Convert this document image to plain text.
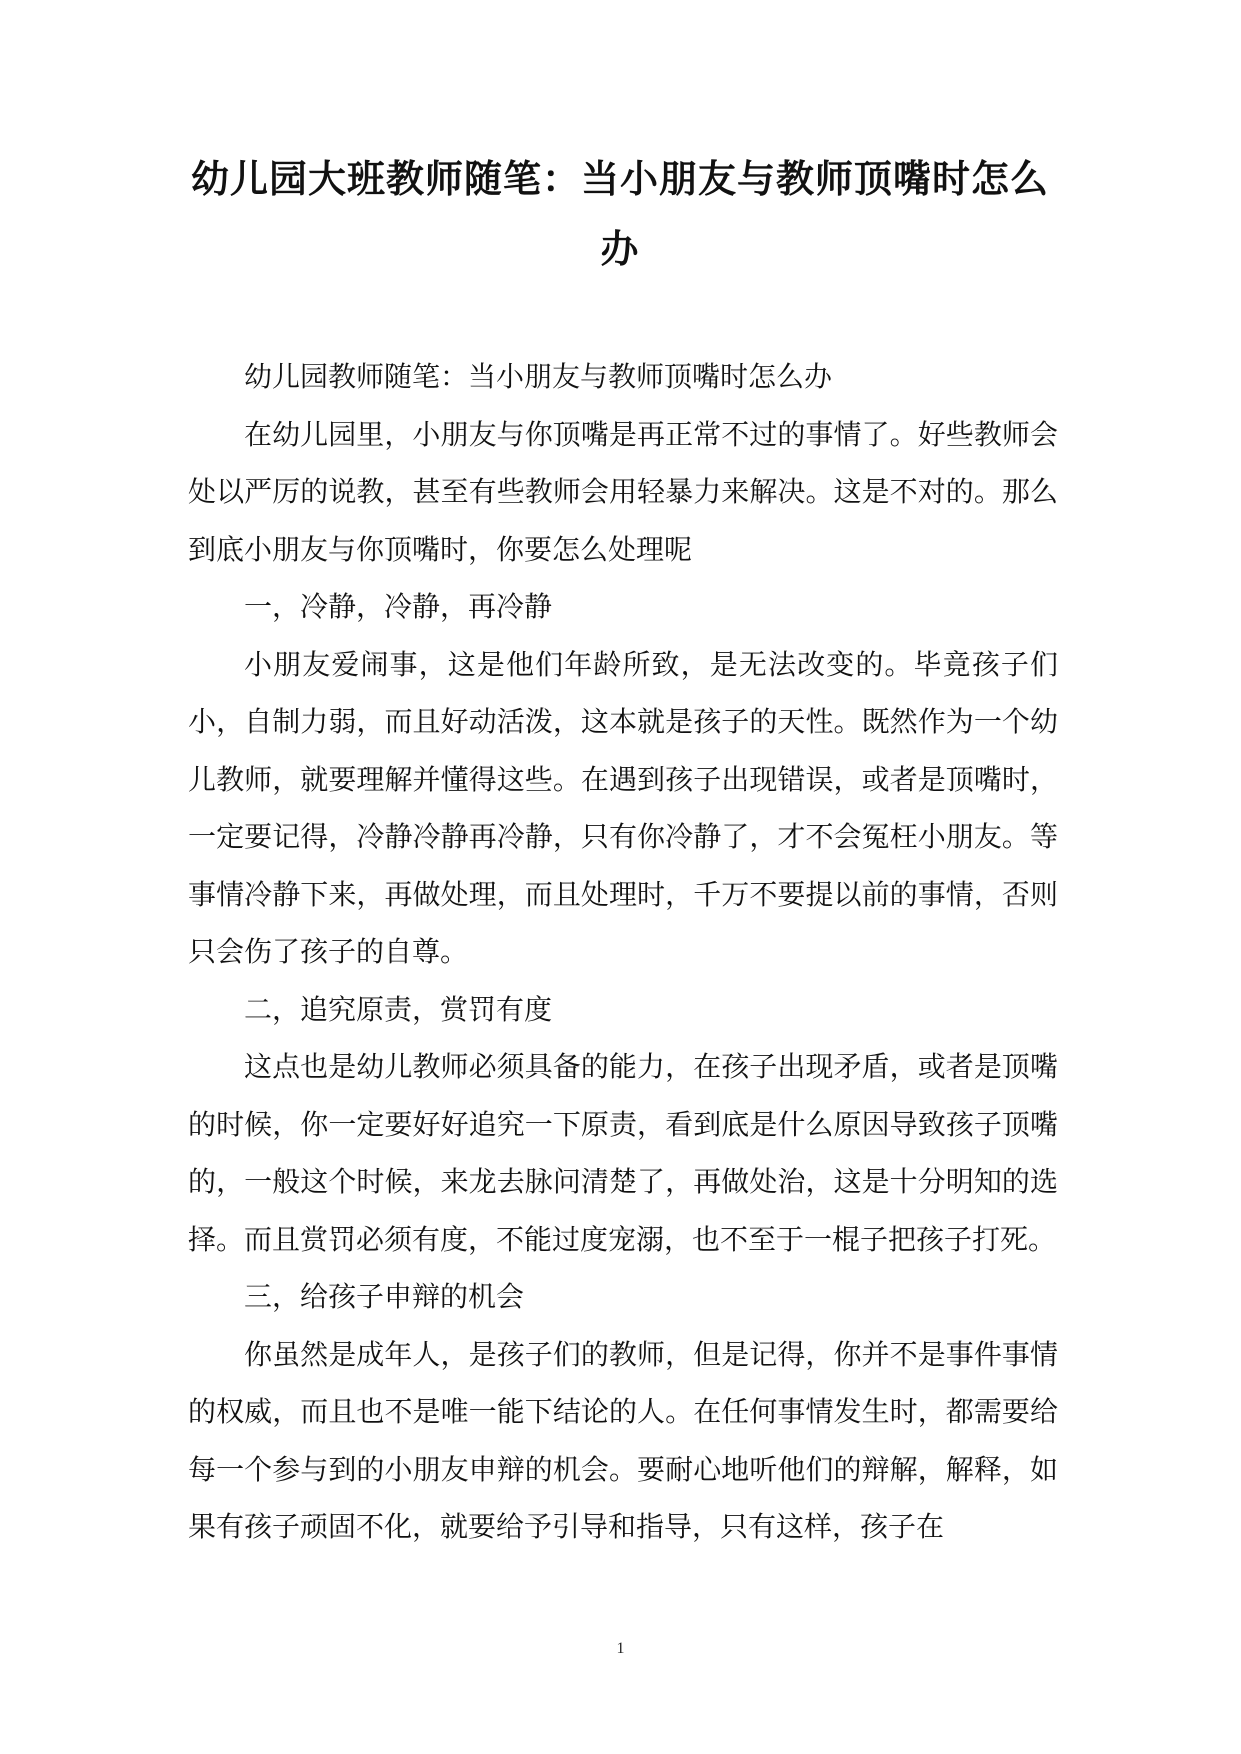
幼儿园大班教师随笔：当小朋友与教师顶嘴时怎么办

幼儿园教师随笔：当小朋友与教师顶嘴时怎么办

在幼儿园里，小朋友与你顶嘴是再正常不过的事情了。好些教师会处以严厉的说教，甚至有些教师会用轻暴力来解决。这是不对的。那么到底小朋友与你顶嘴时，你要怎么处理呢

一，冷静，冷静，再冷静

小朋友爱闹事，这是他们年龄所致，是无法改变的。毕竟孩子们小，自制力弱，而且好动活泼，这本就是孩子的天性。既然作为一个幼儿教师，就要理解并懂得这些。在遇到孩子出现错误，或者是顶嘴时，一定要记得，冷静冷静再冷静，只有你冷静了，才不会冤枉小朋友。等事情冷静下来，再做处理，而且处理时，千万不要提以前的事情，否则只会伤了孩子的自尊。

二，追究原责，赏罚有度

这点也是幼儿教师必须具备的能力，在孩子出现矛盾，或者是顶嘴的时候，你一定要好好追究一下原责，看到底是什么原因导致孩子顶嘴的，一般这个时候，来龙去脉问清楚了，再做处治，这是十分明知的选择。而且赏罚必须有度，不能过度宠溺，也不至于一棍子把孩子打死。

三，给孩子申辩的机会

你虽然是成年人，是孩子们的教师，但是记得，你并不是事件事情的权威，而且也不是唯一能下结论的人。在任何事情发生时，都需要给每一个参与到的小朋友申辩的机会。要耐心地听他们的辩解，解释，如果有孩子顽固不化，就要给予引导和指导，只有这样，孩子在

1
